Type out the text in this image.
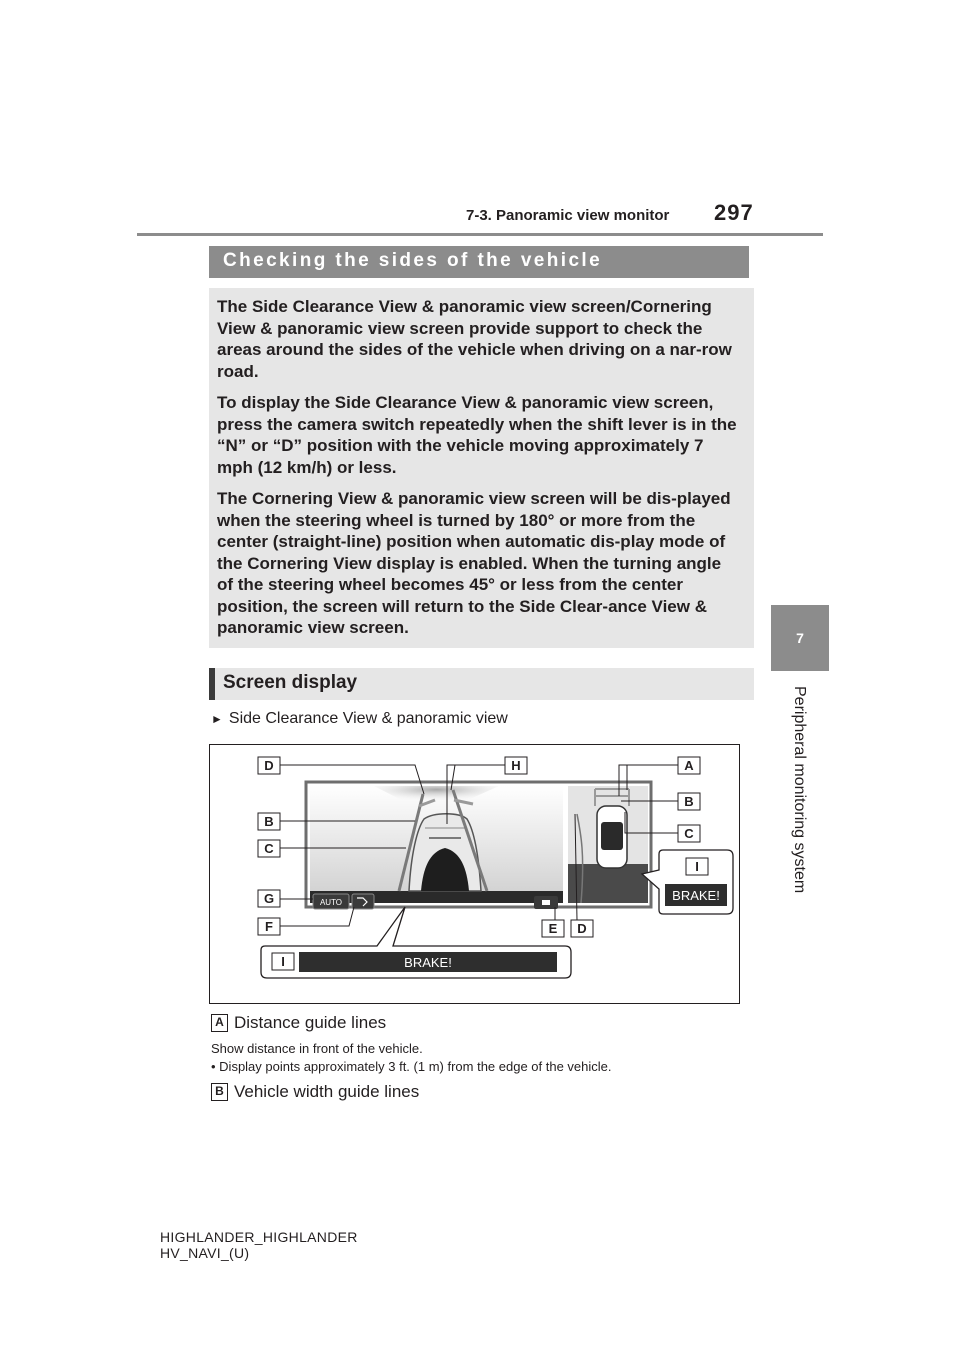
7-3. Panoramic view monitor 297
7
Peripheral monitoring system
Checking the sides of the vehicle

The Side Clearance View & panoramic view screen/Cornering View & panoramic view screen provide support to check the areas around the sides of the vehicle when driving on a nar-row road.

To display the Side Clearance View & panoramic view screen, press the camera switch repeatedly when the shift lever is in the “N” or “D” position with the vehicle moving approximately 7 mph (12 km/h) or less.

The Cornering View & panoramic view screen will be dis-played when the steering wheel is turned by 180° or more from the center (straight-line) position when automatic dis-play mode of the Cornering View display is enabled. When the turning angle of the steering wheel becomes 45° or less from the center position, the screen will return to the Side Clear-ance View & panoramic view screen.

Screen display
► Side Clearance View & panoramic view
AUTO
D	H	A
B
B
C
C
G
F	E D
I
BRAKE!
I	BRAKE!
A Distance guide lines
Show distance in front of the vehicle.
• Display points approximately 3 ft. (1 m) from the edge of the vehicle.
B Vehicle width guide lines
HIGHLANDER_HIGHLANDER
HV_NAVI_(U)
